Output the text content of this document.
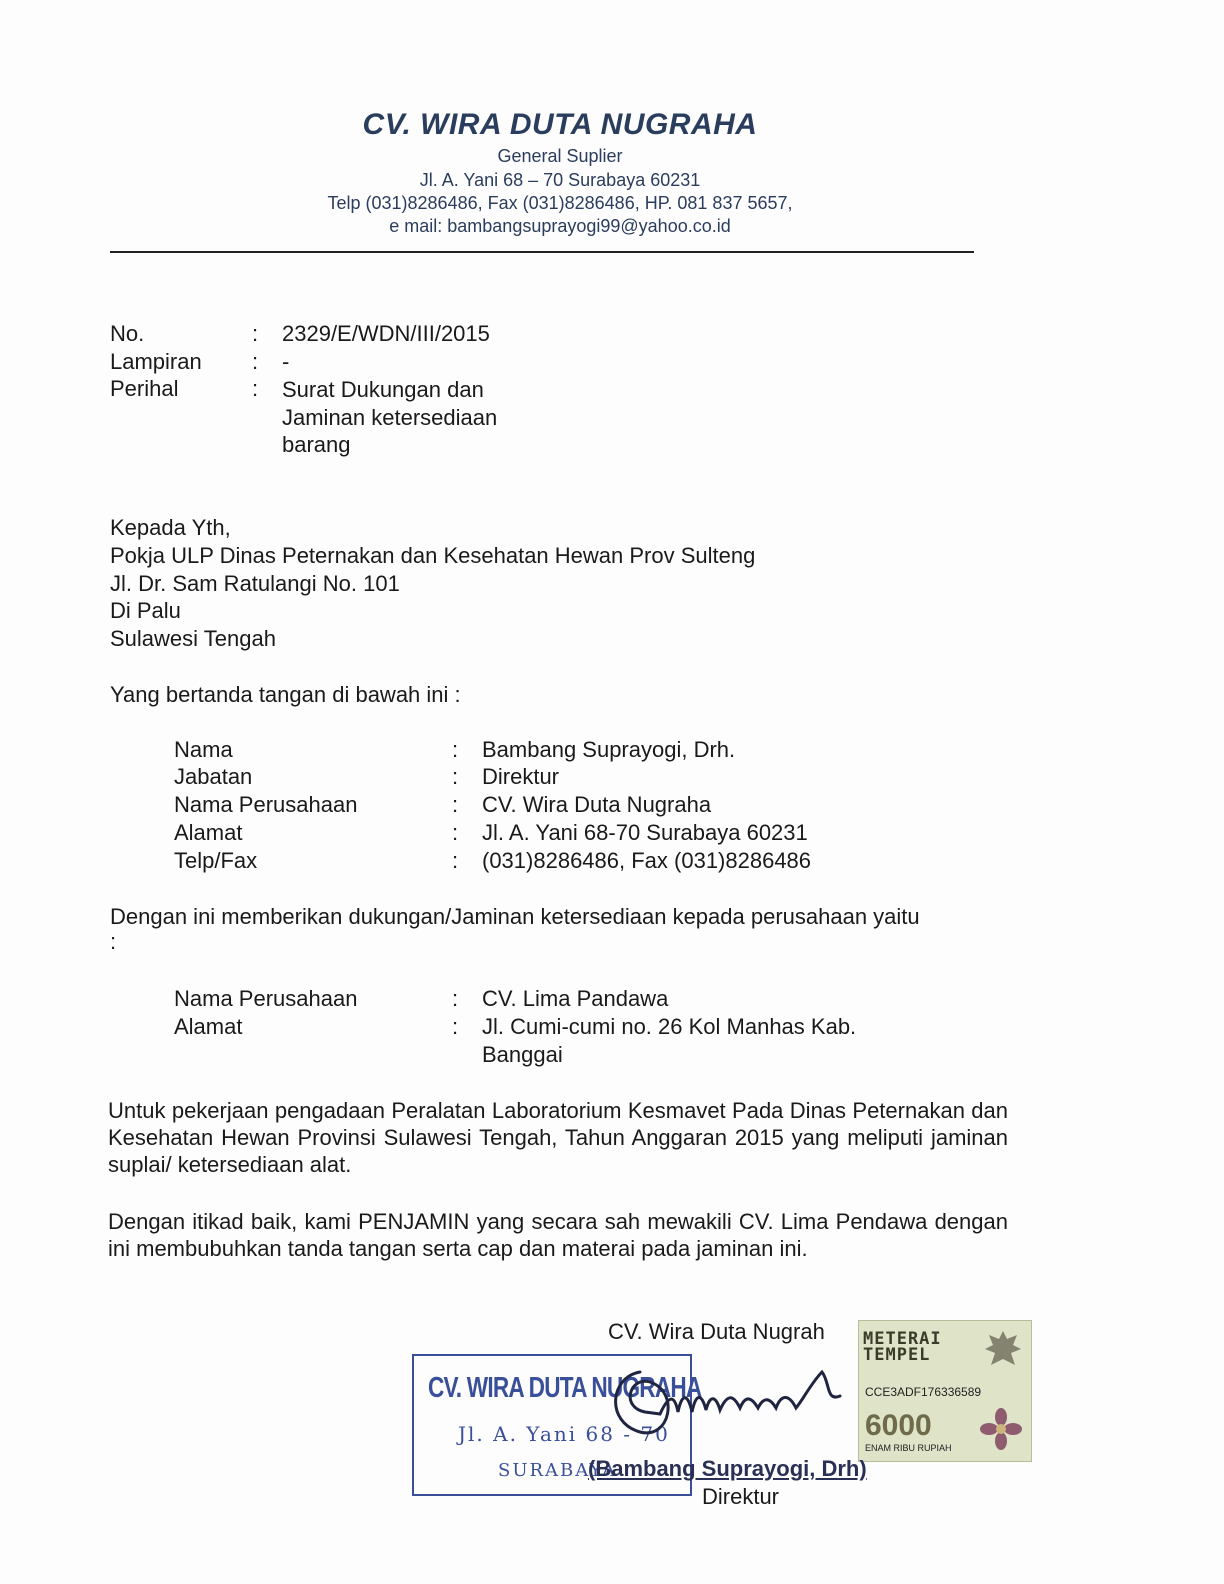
CV. WIRA DUTA NUGRAHA
General Suplier
Jl. A. Yani 68 – 70 Surabaya 60231
Telp (031)8286486, Fax (031)8286486, HP. 081 837 5657,
e mail: bambangsuprayogi99@yahoo.co.id
No.	: 2329/E/WDN/III/2015
Lampiran : -
Perihal	: Surat Dukungan dan
Jaminan ketersediaan
barang
Kepada Yth,
Pokja ULP Dinas Peternakan dan Kesehatan Hewan Prov Sulteng
Jl. Dr. Sam Ratulangi No. 101
Di Palu
Sulawesi Tengah
Yang bertanda tangan di bawah ini :
Nama	: Bambang Suprayogi, Drh.
Jabatan	: Direktur
Nama Perusahaan	: CV. Wira Duta Nugraha
Alamat	: Jl. A. Yani 68-70 Surabaya 60231
Telp/Fax	: (031)8286486, Fax (031)8286486
Dengan ini memberikan dukungan/Jaminan ketersediaan kepada perusahaan yaitu
:
Nama Perusahaan	: CV. Lima Pandawa
Alamat	: Jl. Cumi-cumi no. 26 Kol Manhas Kab.
Banggai
Untuk pekerjaan pengadaan Peralatan Laboratorium Kesmavet Pada Dinas Peternakan dan Kesehatan Hewan Provinsi Sulawesi Tengah, Tahun Anggaran 2015 yang meliputi jaminan suplai/ ketersediaan alat.
Dengan itikad baik, kami PENJAMIN yang secara sah mewakili CV. Lima Pendawa dengan ini membubuhkan tanda tangan serta cap dan materai pada jaminan ini.
CV. Wira Duta Nugrah
CV. WIRA DUTA NUGRAHA
Jl. A. Yani 68 - 70
SURABAYA
METERAI
TEMPEL
CCE3ADF176336589
6000
ENAM RIBU RUPIAH
(Bambang Suprayogi, Drh)
Direktur
